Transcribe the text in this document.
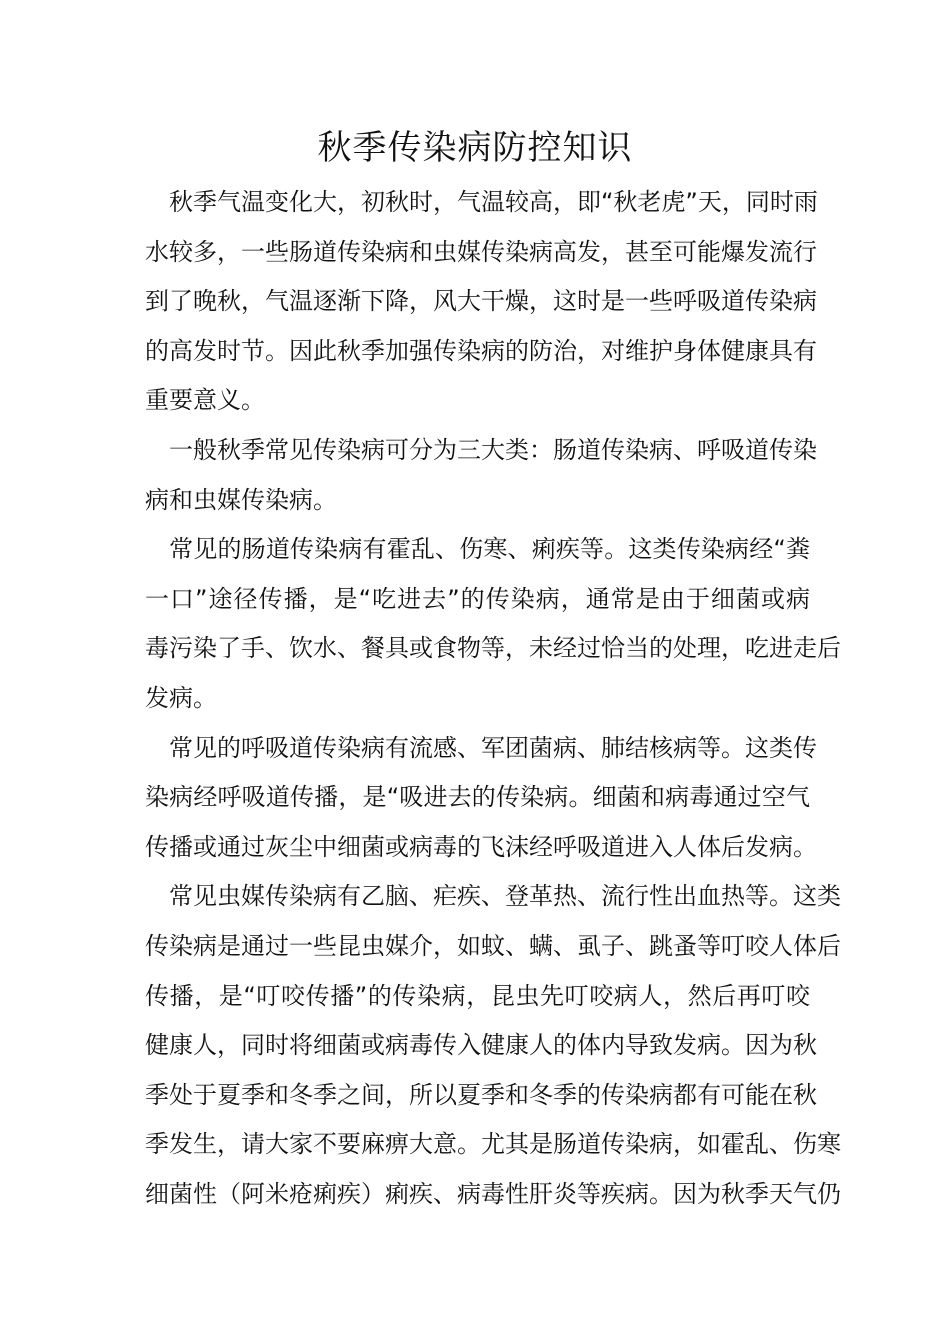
秋季传染病防控知识
　秋季气温变化大，初秋时，气温较高，即“秋老虎”天，同时雨
水较多，一些肠道传染病和虫媒传染病高发，甚至可能爆发流行
到了晚秋，气温逐渐下降，风大干燥，这时是一些呼吸道传染病
的高发时节。因此秋季加强传染病的防治，对维护身体健康具有
重要意义。
　一般秋季常见传染病可分为三大类：肠道传染病、呼吸道传染
病和虫媒传染病。
　常见的肠道传染病有霍乱、伤寒、痢疾等。这类传染病经“粪
一口”途径传播，是“吃进去”的传染病，通常是由于细菌或病
毒污染了手、饮水、餐具或食物等，未经过恰当的处理，吃进走后
发病。
　常见的呼吸道传染病有流感、军团菌病、肺结核病等。这类传
染病经呼吸道传播，是“吸进去的传染病。细菌和病毒通过空气
传播或通过灰尘中细菌或病毒的飞沫经呼吸道进入人体后发病。
　常见虫媒传染病有乙脑、疟疾、登革热、流行性出血热等。这类
传染病是通过一些昆虫媒介，如蚊、螨、虱子、跳蚤等叮咬人体后
传播，是“叮咬传播”的传染病，昆虫先叮咬病人，然后再叮咬
健康人，同时将细菌或病毒传入健康人的体内导致发病。因为秋
季处于夏季和冬季之间，所以夏季和冬季的传染病都有可能在秋
季发生，请大家不要麻痹大意。尤其是肠道传染病，如霍乱、伤寒
细菌性（阿米疮痢疾）痢疾、病毒性肝炎等疾病。因为秋季天气仍
